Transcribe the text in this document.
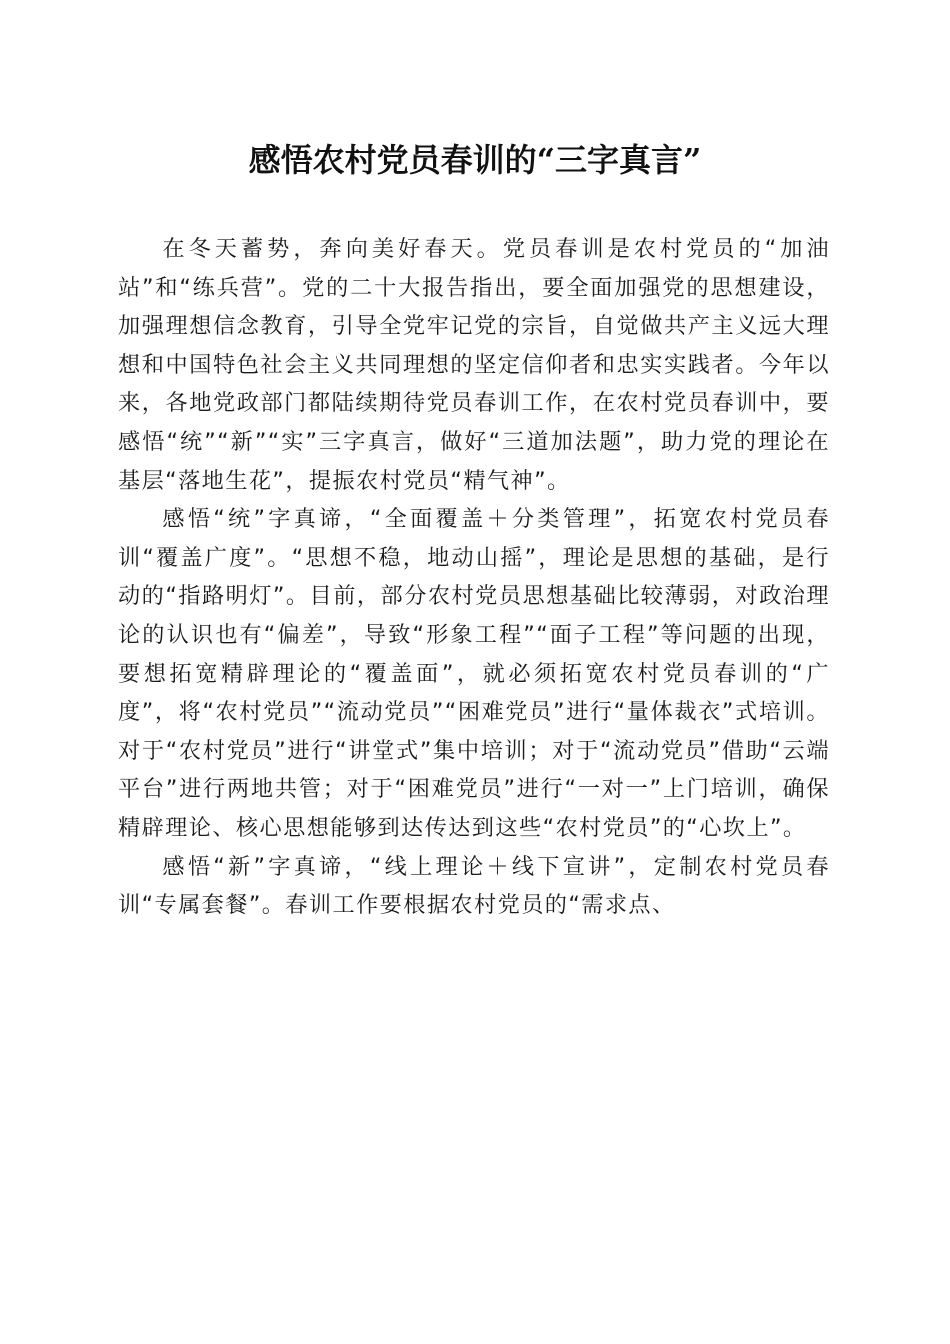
感悟农村党员春训的“三字真言”

在冬天蓄势，奔向美好春天。党员春训是农村党员的“加油站”和“练兵营”。党的二十大报告指出，要全面加强党的思想建设，加强理想信念教育，引导全党牢记党的宗旨，自觉做共产主义远大理想和中国特色社会主义共同理想的坚定信仰者和忠实实践者。今年以来，各地党政部门都陆续期待党员春训工作，在农村党员春训中，要感悟“统”“新”“实”三字真言，做好“三道加法题”，助力党的理论在基层“落地生花”，提振农村党员“精气神”。

感悟“统”字真谛，“全面覆盖＋分类管理”，拓宽农村党员春训“覆盖广度”。“思想不稳，地动山摇”，理论是思想的基础，是行动的“指路明灯”。目前，部分农村党员思想基础比较薄弱，对政治理论的认识也有“偏差”，导致“形象工程”“面子工程”等问题的出现，要想拓宽精辟理论的“覆盖面”，就必须拓宽农村党员春训的“广度”，将“农村党员”“流动党员”“困难党员”进行“量体裁衣”式培训。对于“农村党员”进行“讲堂式”集中培训；对于“流动党员”借助“云端平台”进行两地共管；对于“困难党员”进行“一对一”上门培训，确保精辟理论、核心思想能够到达传达到这些“农村党员”的“心坎上”。

感悟“新”字真谛，“线上理论＋线下宣讲”，定制农村党员春训“专属套餐”。春训工作要根据农村党员的“需求点、
